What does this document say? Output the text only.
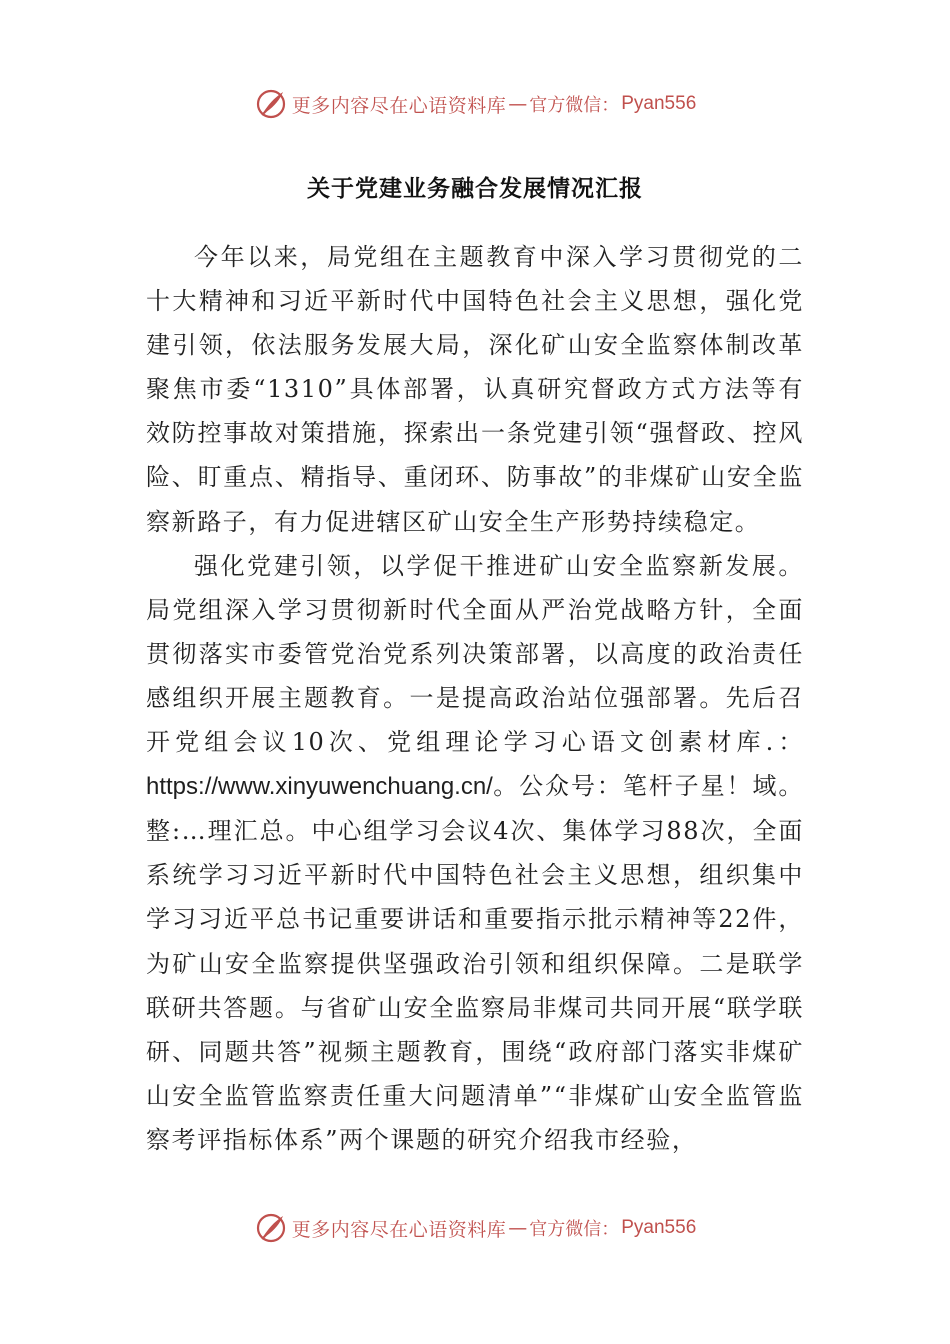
更多内容尽在心语资料库 — 官方微信： Pyan556
关于党建业务融合发展情况汇报

今年以来，局党组在主题教育中深入学习贯彻党的二十大精神和习近平新时代中国特色社会主义思想，强化党建引领，依法服务发展大局，深化矿山安全监察体制改革聚焦市委“1310”具体部署，认真研究督政方式方法等有效防控事故对策措施，探索出一条党建引领“强督政、控风险、盯重点、精指导、重闭环、防事故”的非煤矿山安全监察新路子，有力促进辖区矿山安全生产形势持续稳定。

强化党建引领，以学促干推进矿山安全监察新发展。局党组深入学习贯彻新时代全面从严治党战略方针，全面贯彻落实市委管党治党系列决策部署，以高度的政治责任感组织开展主题教育。一是提高政治站位强部署。先后召开党组会议10次、党组理论学习心语文创素材库.：

https://www.xinyuwenchuang.cn/。公众号：笔杆子星！域。整:…理汇总。中心组学习会议4次、集体学习88次，全面系统学习习近平新时代中国特色社会主义思想，组织集中学习习近平总书记重要讲话和重要指示批示精神等22件，为矿山安全监察提供坚强政治引领和组织保障。二是联学联研共答题。与省矿山安全监察局非煤司共同开展“联学联研、同题共答”视频主题教育，围绕“政府部门落实非煤矿山安全监管监察责任重大问题清单”“非煤矿山安全监管监察考评指标体系”两个课题的研究介绍我市经验，

更多内容尽在心语资料库 — 官方微信： Pyan556
